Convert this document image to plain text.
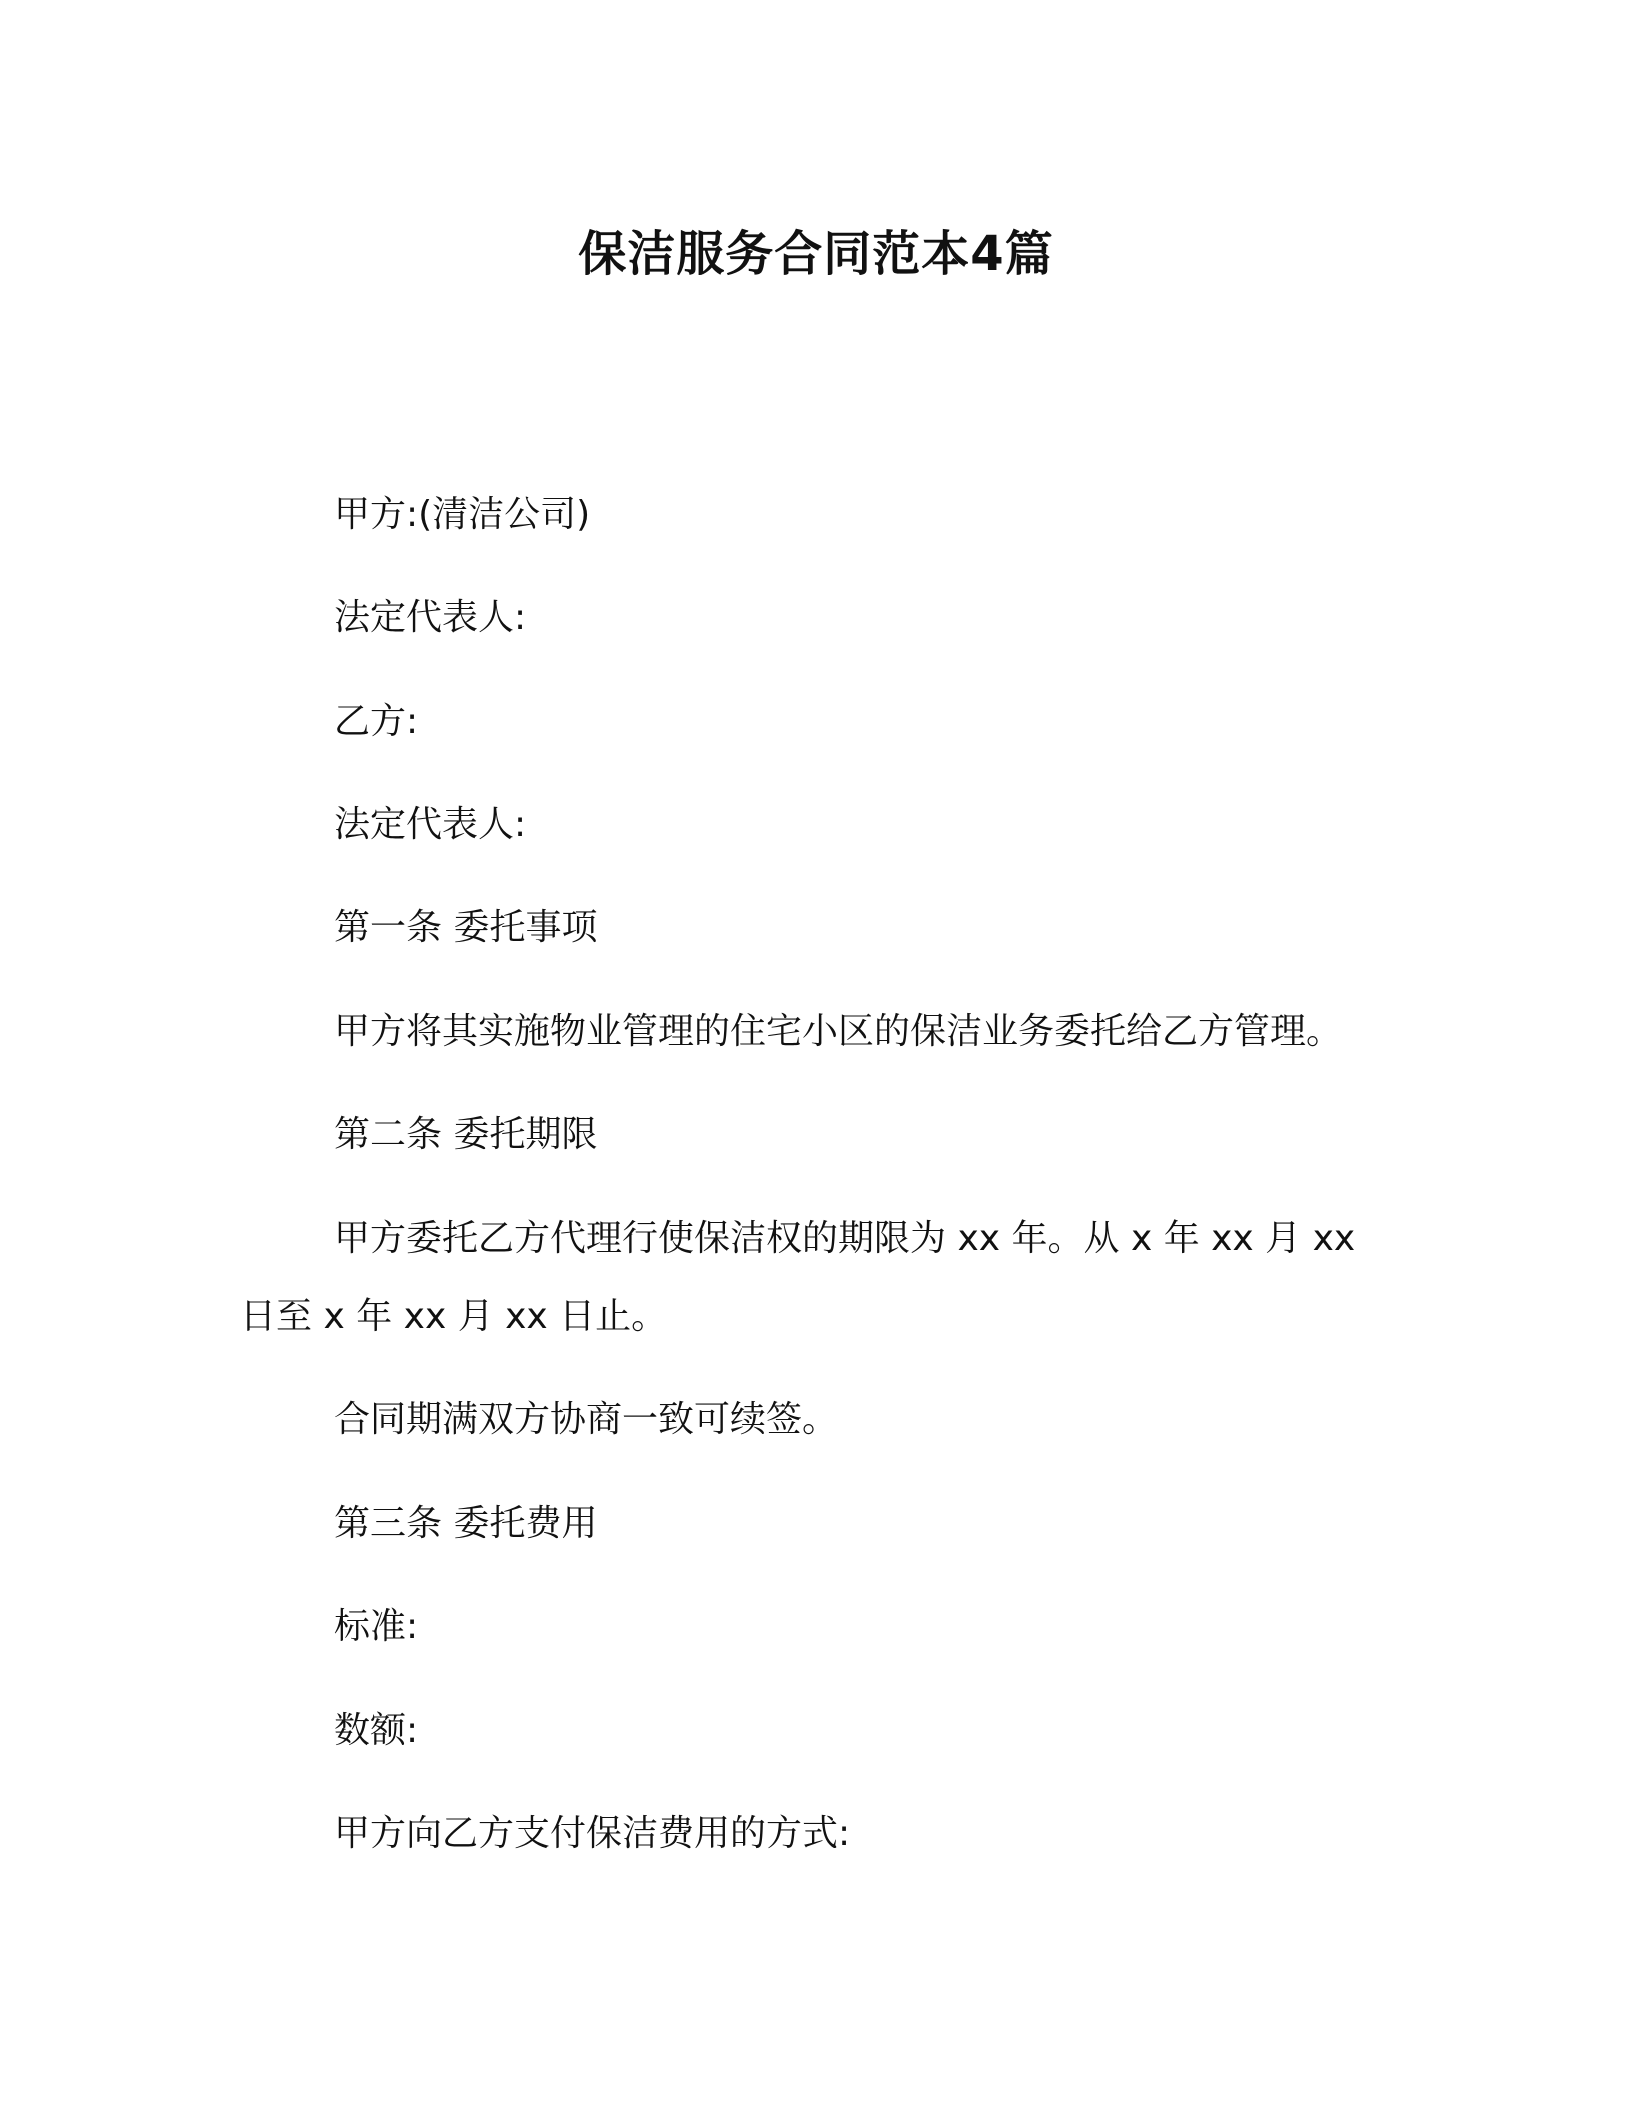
保洁服务合同范本4篇
甲方:(清洁公司)
法定代表人:
乙方:
法定代表人:
第一条 委托事项
甲方将其实施物业管理的住宅小区的保洁业务委托给乙方管理。
第二条 委托期限
甲方委托乙方代理行使保洁权的期限为 xx 年。从 x 年 xx 月 xx
日至 x 年 xx 月 xx 日止。
合同期满双方协商一致可续签。
第三条 委托费用
标准:
数额:
甲方向乙方支付保洁费用的方式:
